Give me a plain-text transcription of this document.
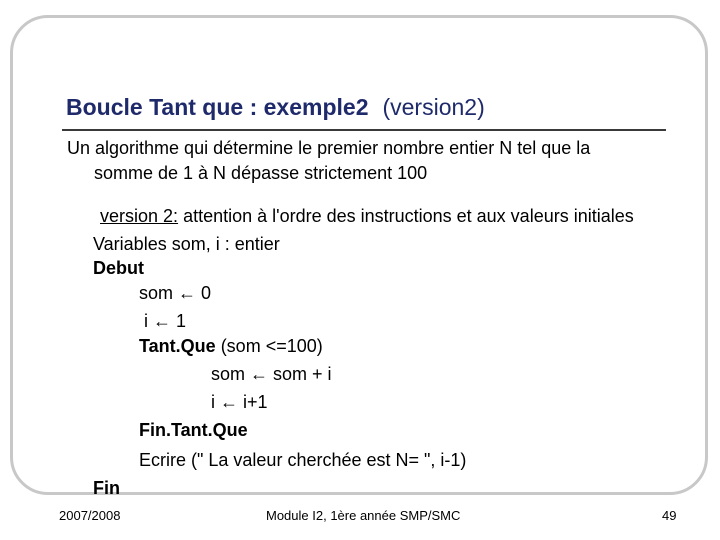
Boucle Tant que : exemple2 (version2)
Un algorithme qui détermine le premier nombre entier N tel que la
somme de 1 à N dépasse strictement 100
version 2: attention à l'ordre des instructions et aux valeurs initiales
Variables som, i : entier
Debut
som ← 0
i ← 1
Tant.Que (som <=100)
som ← som + i
i ← i+1
Fin.Tant.Que
Ecrire (" La valeur cherchée est N= ", i-1)
Fin
2007/2008	Module I2, 1ère année SMP/SMC	49
